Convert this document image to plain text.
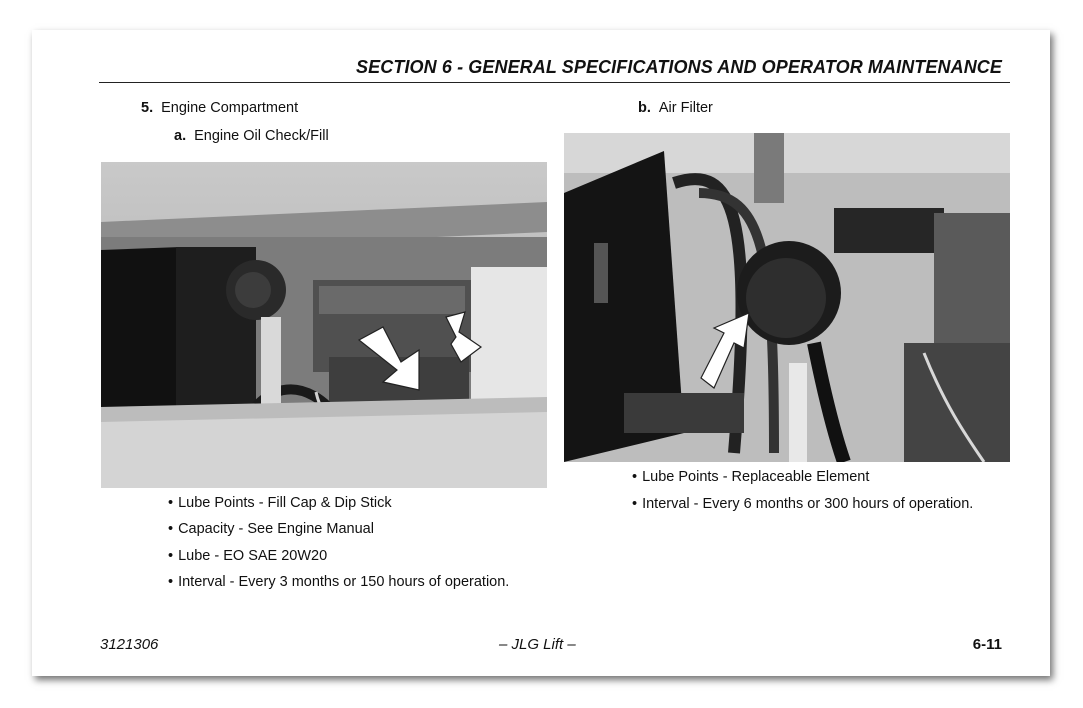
SECTION 6 - GENERAL SPECIFICATIONS AND OPERATOR MAINTENANCE
5. Engine Compartment
a. Engine Oil Check/Fill
b. Air Filter
• Lube Points - Fill Cap & Dip Stick
• Capacity - See Engine Manual
• Lube - EO SAE 20W20
• Interval - Every 3 months or 150 hours of operation.
• Lube Points - Replaceable Element
• Interval - Every 6 months or 300 hours of operation.
3121306	– JLG Lift –	6-11
